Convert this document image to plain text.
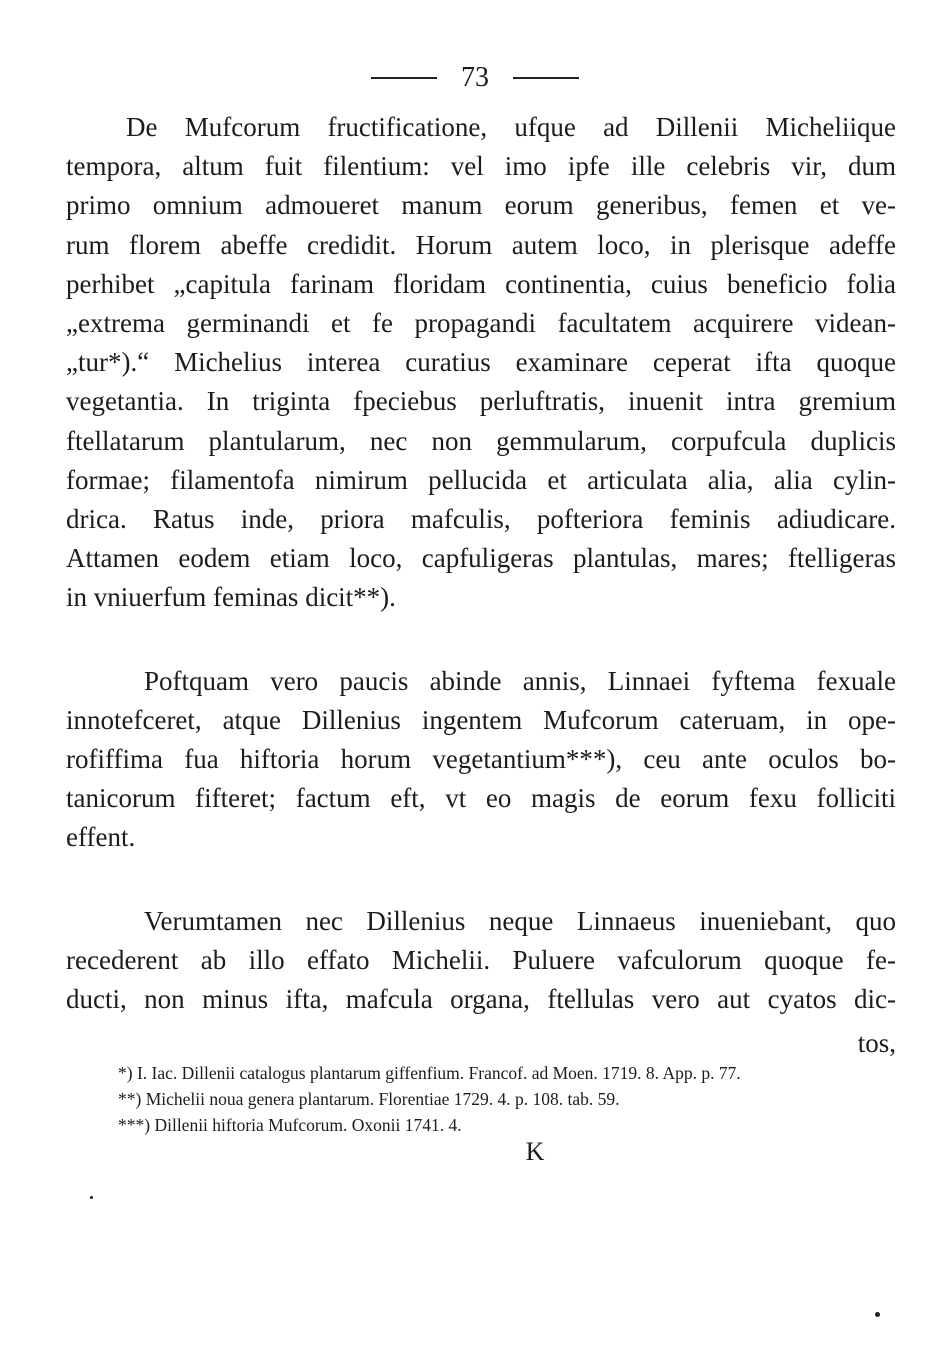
73

De Mufcorum fructificatione, ufque ad Dillenii Micheliique
tempora, altum fuit filentium: vel imo ipfe ille celebris vir, dum
primo omnium admoueret manum eorum generibus, femen et ve-
rum florem abeffe credidit. Horum autem loco, in plerisque adeffe
perhibet „capitula farinam floridam continentia, cuius beneficio folia
„extrema germinandi et fe propagandi facultatem acquirere videan-
„tur*).“ Michelius interea curatius examinare ceperat ifta quoque
vegetantia. In triginta fpeciebus perluftratis, inuenit intra gremium
ftellatarum plantularum, nec non gemmularum, corpufcula duplicis
formae; filamentofa nimirum pellucida et articulata alia, alia cylin-
drica. Ratus inde, priora mafculis, pofteriora feminis adiudicare.
Attamen eodem etiam loco, capfuligeras plantulas, mares; ftelligeras
in vniuerfum feminas dicit**).

Poftquam vero paucis abinde annis, Linnaei fyftema fexuale
innotefceret, atque Dillenius ingentem Mufcorum cateruam, in ope-
rofiffima fua hiftoria horum vegetantium***), ceu ante oculos bo-
tanicorum fifteret; factum eft, vt eo magis de eorum fexu folliciti
effent.

Verumtamen nec Dillenius neque Linnaeus inueniebant, quo
recederent ab illo effato Michelii. Puluere vafculorum quoque fe-
ducti, non minus ifta, mafcula organa, ftellulas vero aut cyatos dic-

tos,
*) I. Iac. Dillenii catalogus plantarum giffenfium. Francof. ad Moen. 1719. 8. App. p. 77.
**) Michelii noua genera plantarum. Florentiae 1729. 4. p. 108. tab. 59.
***) Dillenii hiftoria Mufcorum. Oxonii 1741. 4.
K
